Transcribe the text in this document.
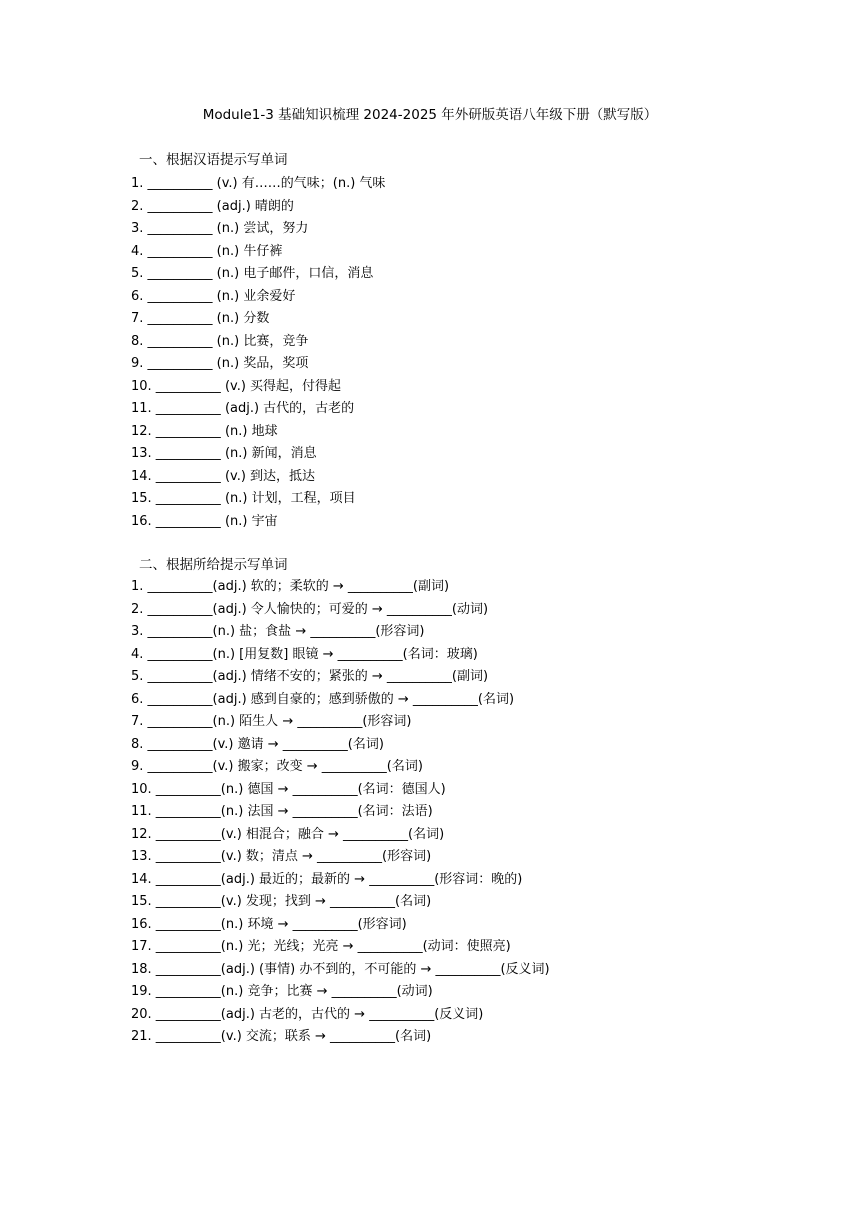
Module1-3 基础知识梳理 2024-2025 年外研版英语八年级下册（默写版）
一、根据汉语提示写单词
1. __________ (v.) 有……的气味；(n.) 气味
2. __________ (adj.) 晴朗的
3. __________ (n.) 尝试，努力
4. __________ (n.) 牛仔裤
5. __________ (n.) 电子邮件，口信，消息
6. __________ (n.) 业余爱好
7. __________ (n.) 分数
8. __________ (n.) 比赛，竞争
9. __________ (n.) 奖品，奖项
10. __________ (v.) 买得起，付得起
11. __________ (adj.) 古代的，古老的
12. __________ (n.) 地球
13. __________ (n.) 新闻，消息
14. __________ (v.) 到达，抵达
15. __________ (n.) 计划，工程，项目
16. __________ (n.) 宇宙
二、根据所给提示写单词
1. __________(adj.) 软的；柔软的 → __________(副词)
2. __________(adj.) 令人愉快的；可爱的 → __________(动词)
3. __________(n.) 盐；食盐 → __________(形容词)
4. __________(n.) [用复数] 眼镜 → __________(名词：玻璃)
5. __________(adj.) 情绪不安的；紧张的 → __________(副词)
6. __________(adj.) 感到自豪的；感到骄傲的 → __________(名词)
7. __________(n.) 陌生人 → __________(形容词)
8. __________(v.) 邀请 → __________(名词)
9. __________(v.) 搬家；改变 → __________(名词)
10. __________(n.) 德国 → __________(名词：德国人)
11. __________(n.) 法国 → __________(名词：法语)
12. __________(v.) 相混合；融合 → __________(名词)
13. __________(v.) 数；清点 → __________(形容词)
14. __________(adj.) 最近的；最新的 → __________(形容词：晚的)
15. __________(v.) 发现；找到 → __________(名词)
16. __________(n.) 环境 → __________(形容词)
17. __________(n.) 光；光线；光亮 → __________(动词：使照亮)
18. __________(adj.) (事情) 办不到的，不可能的 → __________(反义词)
19. __________(n.) 竞争；比赛 → __________(动词)
20. __________(adj.) 古老的，古代的 → __________(反义词)
21. __________(v.) 交流；联系 → __________(名词)
